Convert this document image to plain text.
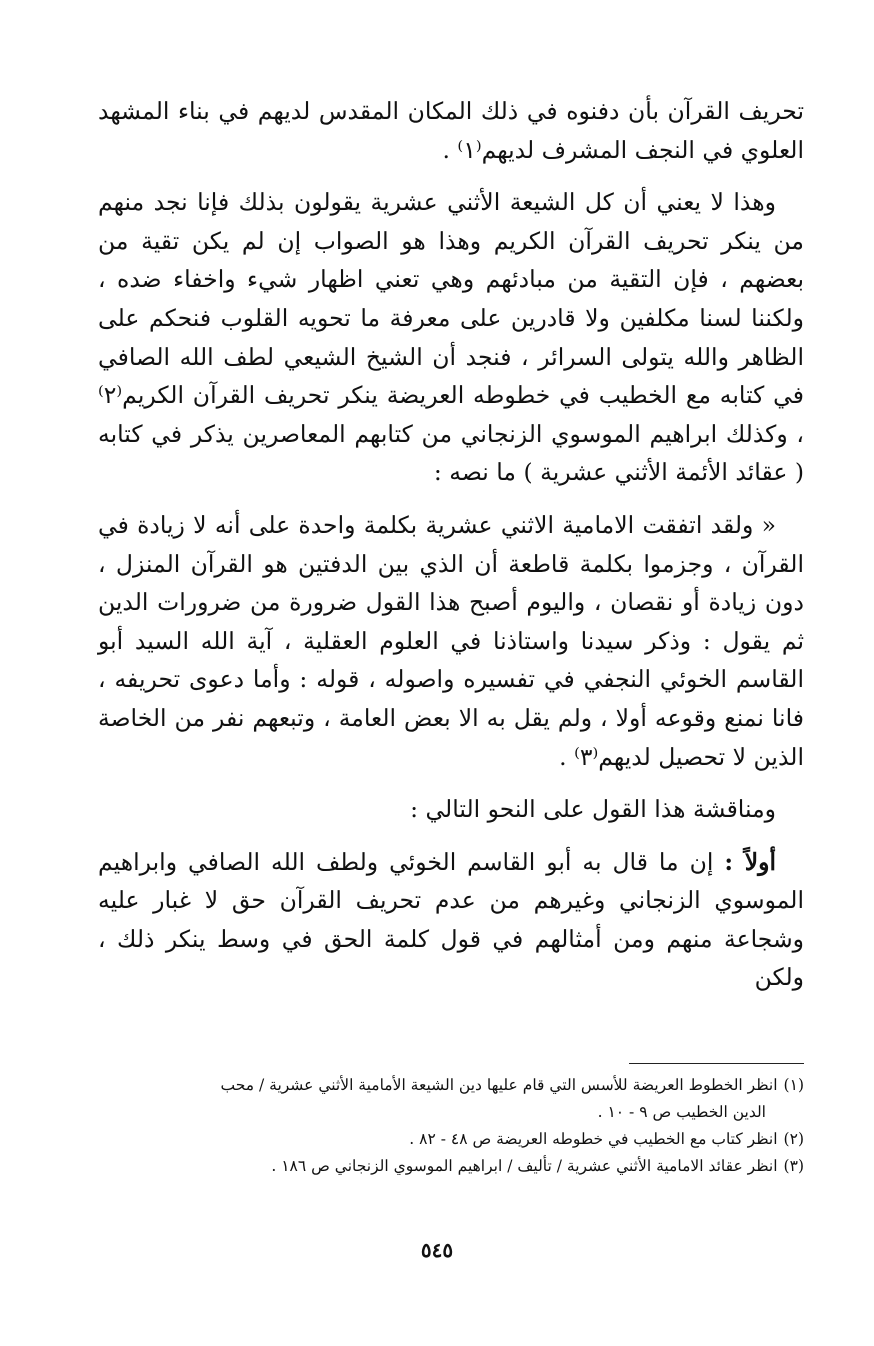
تحريف القرآن بأن دفنوه في ذلك المكان المقدس لديهم في بناء المشهد العلوي في النجف المشرف لديهم⁽١⁾ .

وهذا لا يعني أن كل الشيعة الأثني عشرية يقولون بذلك فإنا نجد منهم من ينكر تحريف القرآن الكريم وهذا هو الصواب إن لم يكن تقية من بعضهم ، فإن التقية من مبادئهم وهي تعني اظهار شيء واخفاء ضده ، ولكننا لسنا مكلفين ولا قادرين على معرفة ما تحويه القلوب فنحكم على الظاهر والله يتولى السرائر ، فنجد أن الشيخ الشيعي لطف الله الصافي في كتابه مع الخطيب في خطوطه العريضة ينكر تحريف القرآن الكريم⁽٢⁾ ، وكذلك ابراهيم الموسوي الزنجاني من كتابهم المعاصرين يذكر في كتابه ( عقائد الأئمة الأثني عشرية ) ما نصه :

« ولقد اتفقت الامامية الاثني عشرية بكلمة واحدة على أنه لا زيادة في القرآن ، وجزموا بكلمة قاطعة أن الذي بين الدفتين هو القرآن المنزل ، دون زيادة أو نقصان ، واليوم أصبح هذا القول ضرورة من ضرورات الدين ثم يقول : وذكر سيدنا واستاذنا في العلوم العقلية ، آية الله السيد أبو القاسم الخوئي النجفي في تفسيره واصوله ، قوله : وأما دعوى تحريفه ، فانا نمنع وقوعه أولا ، ولم يقل به الا بعض العامة ، وتبعهم نفر من الخاصة الذين لا تحصيل لديهم⁽٣⁾ .

ومناقشة هذا القول على النحو التالي :

أولاً : إن ما قال به أبو القاسم الخوئي ولطف الله الصافي وابراهيم الموسوي الزنجاني وغيرهم من عدم تحريف القرآن حق لا غبار عليه وشجاعة منهم ومن أمثالهم في قول كلمة الحق في وسط ينكر ذلك ، ولكن

(١)انظر الخطوط العريضة للأسس التي قام عليها دين الشيعة الأمامية الأثني عشرية / محب

الدين الخطيب ص ٩ - ١٠ .

(٢)انظر كتاب مع الخطيب في خطوطه العريضة ص ٤٨ - ٨٢ .

(٣)انظر عقائد الامامية الأثني عشرية / تأليف / ابراهيم الموسوي الزنجاني ص ١٨٦ .

٥٤٥
